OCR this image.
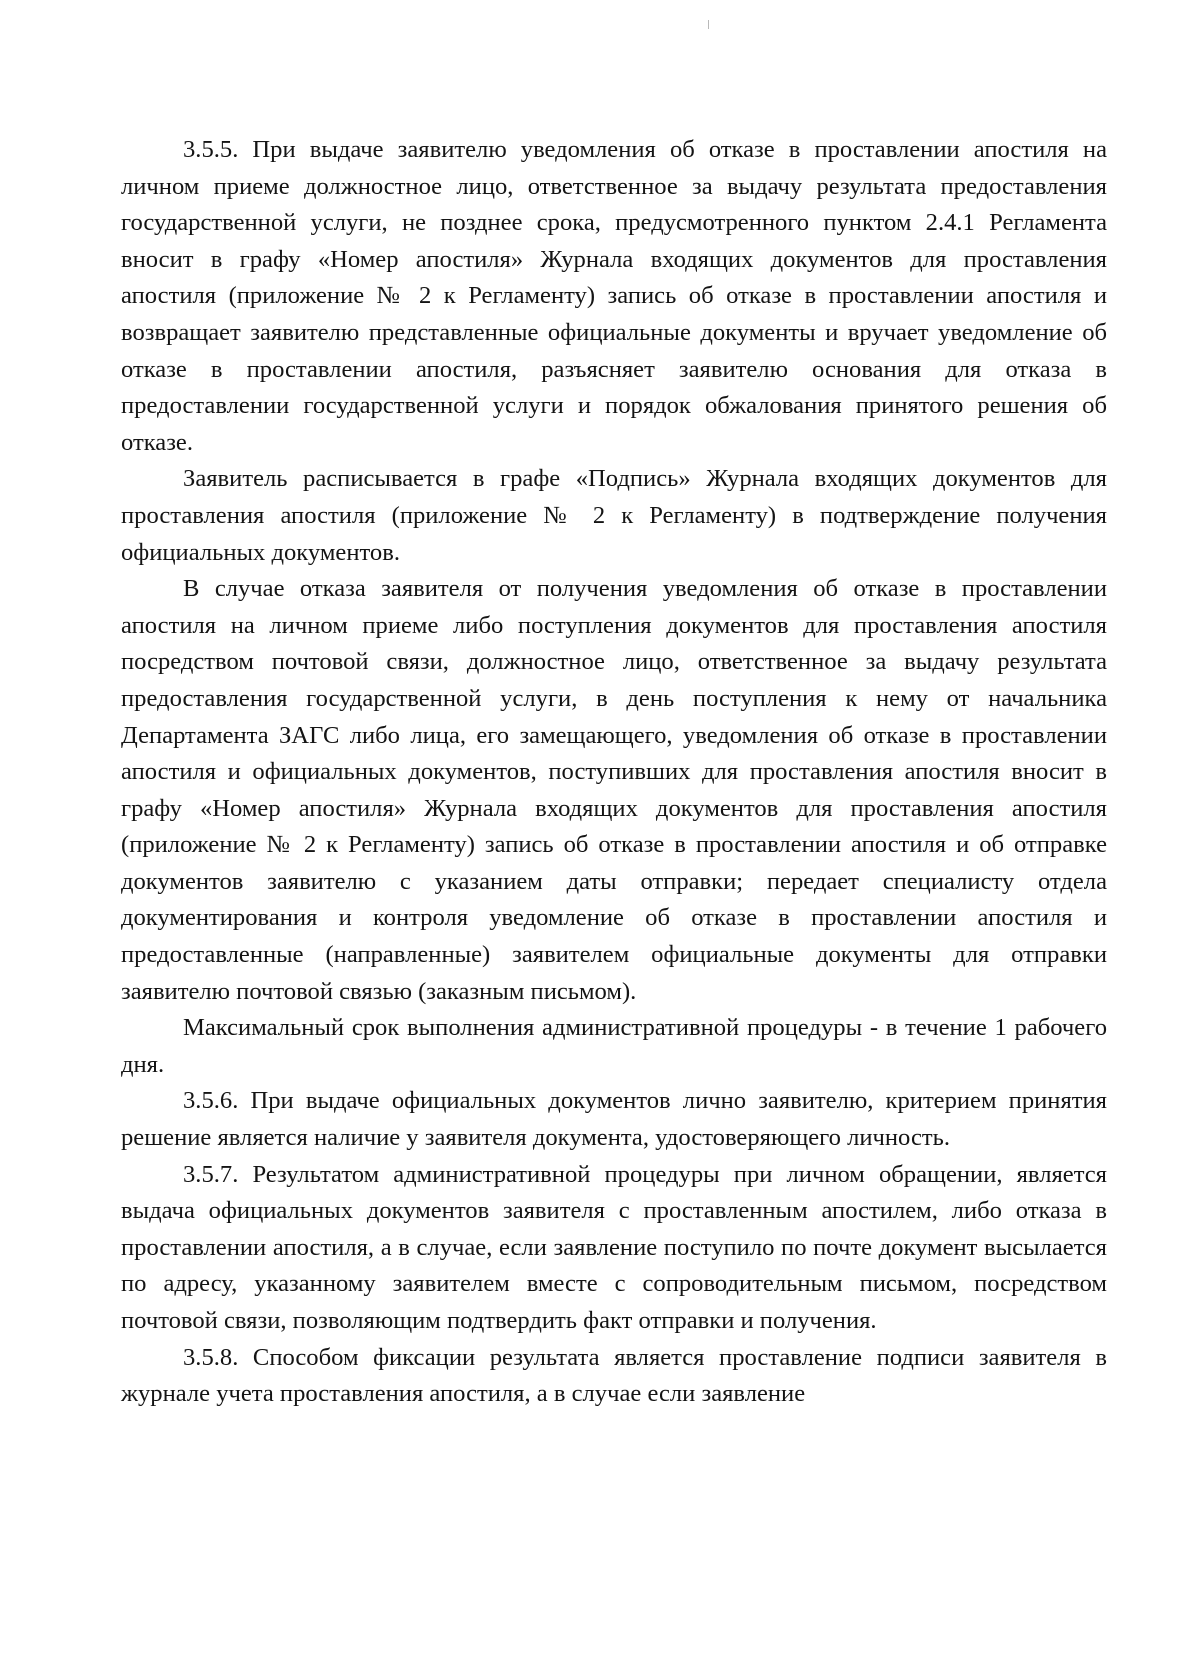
3.5.5. При выдаче заявителю уведомления об отказе в проставлении апостиля на личном приеме должностное лицо, ответственное за выдачу результата предоставления государственной услуги, не позднее срока, предусмотренного пунктом 2.4.1 Регламента вносит в графу «Номер апостиля» Журнала входящих документов для проставления апостиля (приложение № 2 к Регламенту) запись об отказе в проставлении апостиля и возвращает заявителю представленные официальные документы и вручает уведомление об отказе в проставлении апостиля, разъясняет заявителю основания для отказа в предоставлении государственной услуги и порядок обжалования принятого решения об отказе.

Заявитель расписывается в графе «Подпись» Журнала входящих документов для проставления апостиля (приложение № 2 к Регламенту) в подтверждение получения официальных документов.

В случае отказа заявителя от получения уведомления об отказе в проставлении апостиля на личном приеме либо поступления документов для проставления апостиля посредством почтовой связи, должностное лицо, ответственное за выдачу результата предоставления государственной услуги, в день поступления к нему от начальника Департамента ЗАГС либо лица, его замещающего, уведомления об отказе в проставлении апостиля и официальных документов, поступивших для проставления апостиля вносит в графу «Номер апостиля» Журнала входящих документов для проставления апостиля (приложение № 2 к Регламенту) запись об отказе в проставлении апостиля и об отправке документов заявителю с указанием даты отправки; передает специалисту отдела документирования и контроля уведомление об отказе в проставлении апостиля и предоставленные (направленные) заявителем официальные документы для отправки заявителю почтовой связью (заказным письмом).

Максимальный срок выполнения административной процедуры - в течение 1 рабочего дня.

3.5.6. При выдаче официальных документов лично заявителю, критерием принятия решение является наличие у заявителя документа, удостоверяющего личность.

3.5.7. Результатом административной процедуры при личном обращении, является выдача официальных документов заявителя с проставленным апостилем, либо отказа в проставлении апостиля, а в случае, если заявление поступило по почте документ высылается по адресу, указанному заявителем вместе с сопроводительным письмом, посредством почтовой связи, позволяющим подтвердить факт отправки и получения.

3.5.8. Способом фиксации результата является проставление подписи заявителя в журнале учета проставления апостиля, а в случае если заявление
